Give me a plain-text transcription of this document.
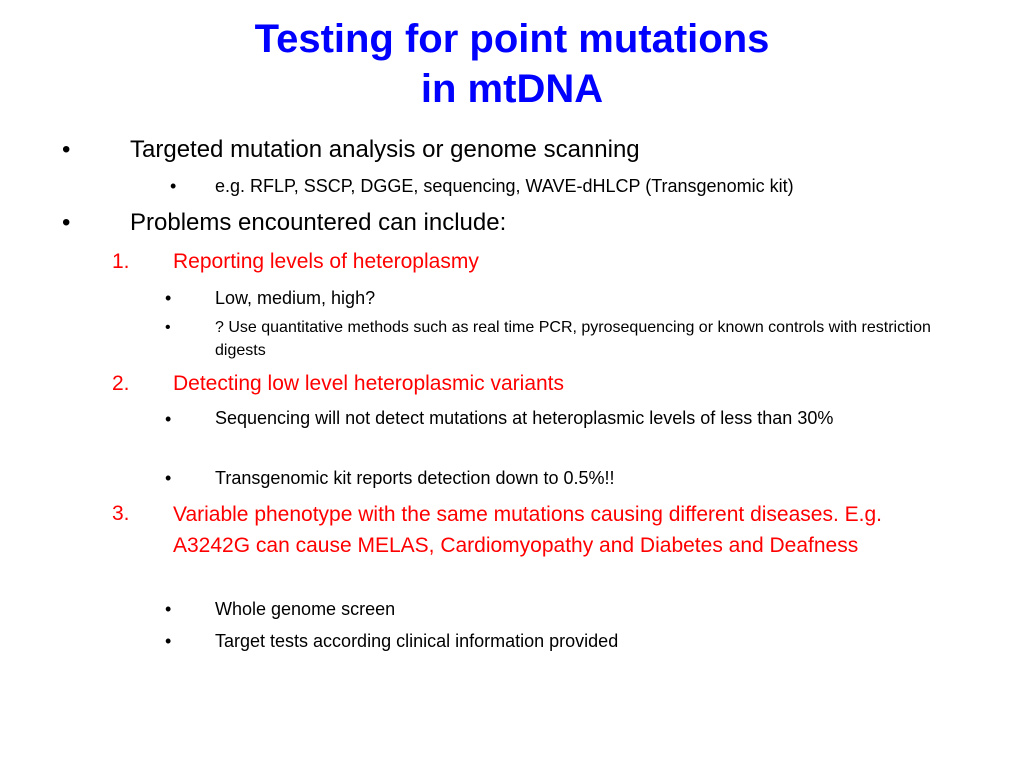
Testing for point mutations
in mtDNA
• Targeted mutation analysis or genome scanning
• e.g. RFLP, SSCP, DGGE, sequencing, WAVE-dHLCP (Transgenomic kit)
• Problems encountered can include:
1. Reporting levels of heteroplasmy
• Low, medium, high?
•	? Use quantitative methods such as real time PCR, pyrosequencing or known controls with restriction digests
2. Detecting low level heteroplasmic variants
• Sequencing will not detect mutations at heteroplasmic levels of less than 30%
• Transgenomic kit reports detection down to 0.5%!!
3. Variable phenotype with the same mutations causing different diseases. E.g. A3242G can cause MELAS, Cardiomyopathy and Diabetes and Deafness
• Whole genome screen
• Target tests according clinical information provided
